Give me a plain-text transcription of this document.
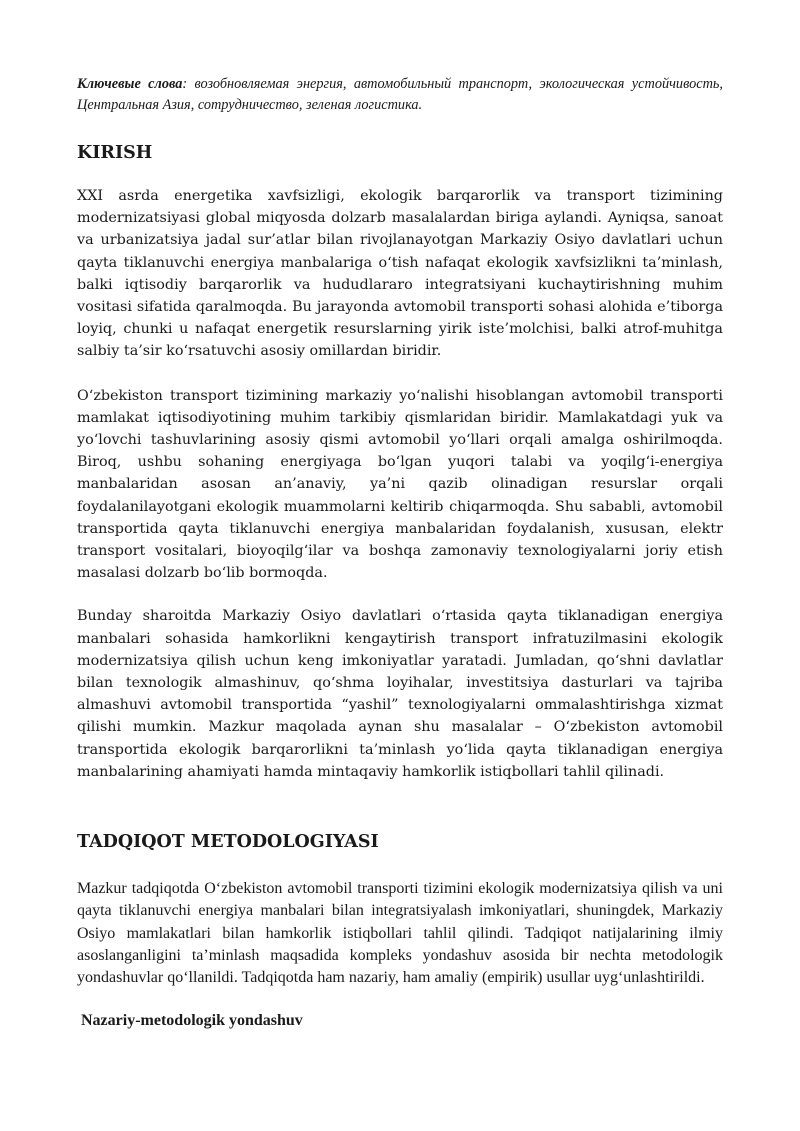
Ключевые слова: возобновляемая энергия, автомобильный транспорт, экологическая устойчивость, Центральная Азия, сотрудничество, зеленая логистика.

KIRISH

XXI asrda energetika xavfsizligi, ekologik barqarorlik va transport tizimining modernizatsiyasi global miqyosda dolzarb masalalardan biriga aylandi. Ayniqsa, sanoat va urbanizatsiya jadal sur’atlar bilan rivojlanayotgan Markaziy Osiyo davlatlari uchun qayta tiklanuvchi energiya manbalariga o‘tish nafaqat ekologik xavfsizlikni ta’minlash, balki iqtisodiy barqarorlik va hududlararo integratsiyani kuchaytirishning muhim vositasi sifatida qaralmoqda. Bu jarayonda avtomobil transporti sohasi alohida e’tiborga loyiq, chunki u nafaqat energetik resurslarning yirik iste’molchisi, balki atrof-muhitga salbiy ta’sir ko‘rsatuvchi asosiy omillardan biridir.

O‘zbekiston transport tizimining markaziy yo‘nalishi hisoblangan avtomobil transporti mamlakat iqtisodiyotining muhim tarkibiy qismlaridan biridir. Mamlakatdagi yuk va yo‘lovchi tashuvlarining asosiy qismi avtomobil yo‘llari orqali amalga oshirilmoqda. Biroq, ushbu sohaning energiyaga bo‘lgan yuqori talabi va yoqilg‘i-energiya manbalaridan asosan an’anaviy, ya’ni qazib olinadigan resurslar orqali foydalanilayotgani ekologik muammolarni keltirib chiqarmoqda. Shu sababli, avtomobil transportida qayta tiklanuvchi energiya manbalaridan foydalanish, xususan, elektr transport vositalari, bioyoqilg‘ilar va boshqa zamonaviy texnologiyalarni joriy etish masalasi dolzarb bo‘lib bormoqda.

Bunday sharoitda Markaziy Osiyo davlatlari o‘rtasida qayta tiklanadigan energiya manbalari sohasida hamkorlikni kengaytirish transport infratuzilmasini ekologik modernizatsiya qilish uchun keng imkoniyatlar yaratadi. Jumladan, qo‘shni davlatlar bilan texnologik almashinuv, qo‘shma loyihalar, investitsiya dasturlari va tajriba almashuvi avtomobil transportida “yashil” texnologiyalarni ommalashtirishga xizmat qilishi mumkin. Mazkur maqolada aynan shu masalalar – O‘zbekiston avtomobil transportida ekologik barqarorlikni ta’minlash yo‘lida qayta tiklanadigan energiya manbalarining ahamiyati hamda mintaqaviy hamkorlik istiqbollari tahlil qilinadi.

TADQIQOT METODOLOGIYASI

Mazkur tadqiqotda O‘zbekiston avtomobil transporti tizimini ekologik modernizatsiya qilish va uni qayta tiklanuvchi energiya manbalari bilan integratsiyalash imkoniyatlari, shuningdek, Markaziy Osiyo mamlakatlari bilan hamkorlik istiqbollari tahlil qilindi. Tadqiqot natijalarining ilmiy asoslanganligini ta’minlash maqsadida kompleks yondashuv asosida bir nechta metodologik yondashuvlar qo‘llanildi. Tadqiqotda ham nazariy, ham amaliy (empirik) usullar uyg‘unlashtirildi.

Nazariy-metodologik yondashuv
